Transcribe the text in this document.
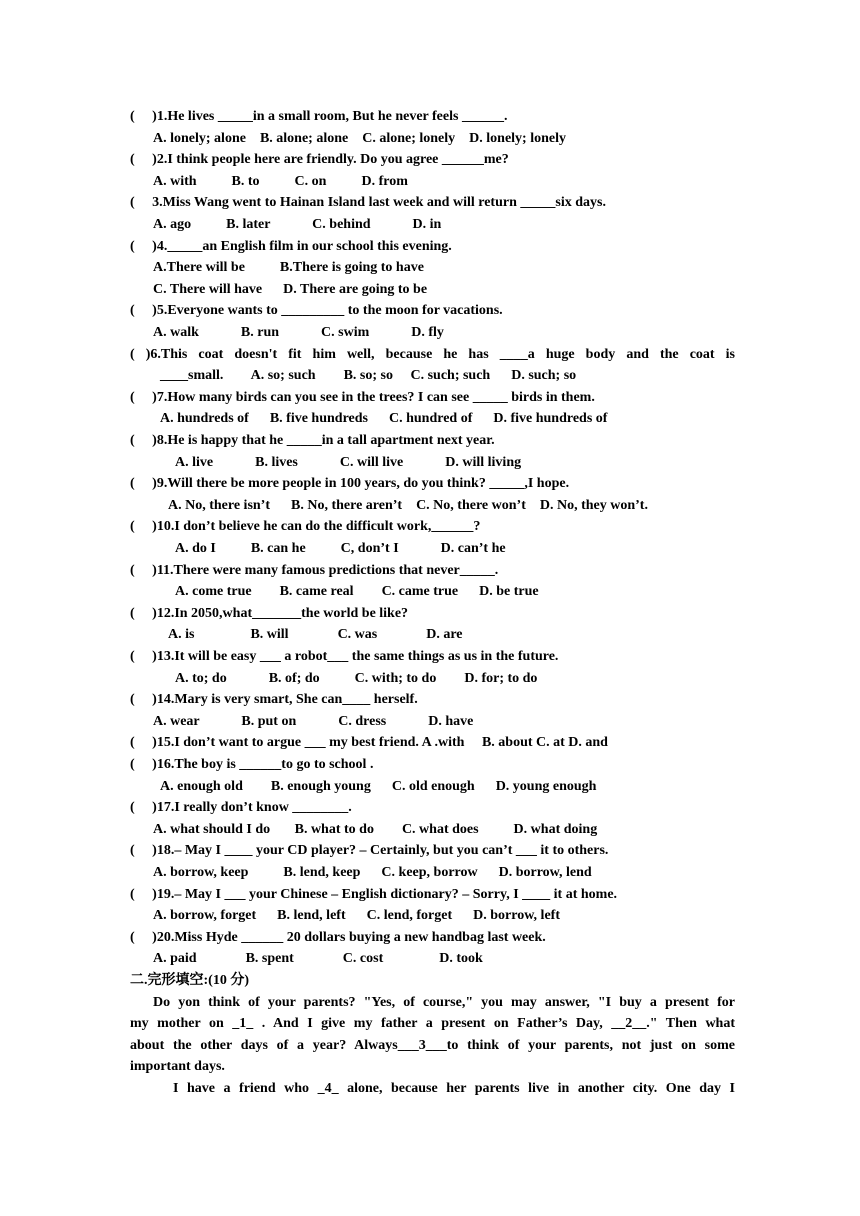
(     )1.He lives _____in a small room, But he never feels ______.
A. lonely; alone    B. alone; alone    C. alone; lonely    D. lonely; lonely
(     )2.I think people here are friendly. Do you agree ______me?
A. with          B. to          C. on          D. from
(     3.Miss Wang went to Hainan Island last week and will return _____six days.
A. ago          B. later            C. behind            D. in
(     )4._____an English film in our school this evening.
A.There will be          B.There is going to have
C. There will have      D. There are going to be
(     )5.Everyone wants to _________ to the moon for vacations.
A. walk            B. run            C. swim            D. fly
( )6.This coat doesn't fit him well, because he has ____a huge body and the coat is
____small.        A. so; such        B. so; so     C. such; such      D. such; so
(     )7.How many birds can you see in the trees? I can see _____ birds in them.
A. hundreds of      B. five hundreds      C. hundred of      D. five hundreds of
(     )8.He is happy that he _____in a tall apartment next year.
A. live            B. lives            C. will live            D. will living
(     )9.Will there be more people in 100 years, do you think? _____,I hope.
A. No, there isn’t      B. No, there aren’t    C. No, there won’t    D. No, they won’t.
(     )10.I don’t believe he can do the difficult work,______?
A. do I          B. can he          C, don’t I            D. can’t he
(     )11.There were many famous predictions that never_____.
A. come true        B. came real        C. came true      D. be true
(     )12.In 2050,what_______the world be like?
A. is                B. will              C. was              D. are
(     )13.It will be easy ___ a robot___ the same things as us in the future.
A. to; do            B. of; do          C. with; to do        D. for; to do
(     )14.Mary is very smart, She can____ herself.
A. wear            B. put on            C. dress            D. have
(     )15.I don’t want to argue ___ my best friend. A .with     B. about C. at D. and
(     )16.The boy is ______to go to school .
A. enough old        B. enough young      C. old enough      D. young enough
(     )17.I really don’t know ________.
A. what should I do       B. what to do        C. what does          D. what doing
(     )18.– May I ____ your CD player? – Certainly, but you can’t ___ it to others.
A. borrow, keep          B. lend, keep      C. keep, borrow      D. borrow, lend
(     )19.– May I ___ your Chinese – English dictionary? – Sorry, I ____ it at home.
A. borrow, forget      B. lend, left      C. lend, forget      D. borrow, left
(     )20.Miss Hyde ______ 20 dollars buying a new handbag last week.
A. paid              B. spent              C. cost                D. took
二.完形填空:(10 分)
Do yon think of your parents? "Yes, of course," you may answer, "I buy a present for
my mother on _1_ . And I give my father a present on Father’s Day, __2__." Then what
about the other days of a year? Always___3___to think of your parents, not just on some
important days.
I have a friend who _4_ alone, because her parents live in another city. One day I
